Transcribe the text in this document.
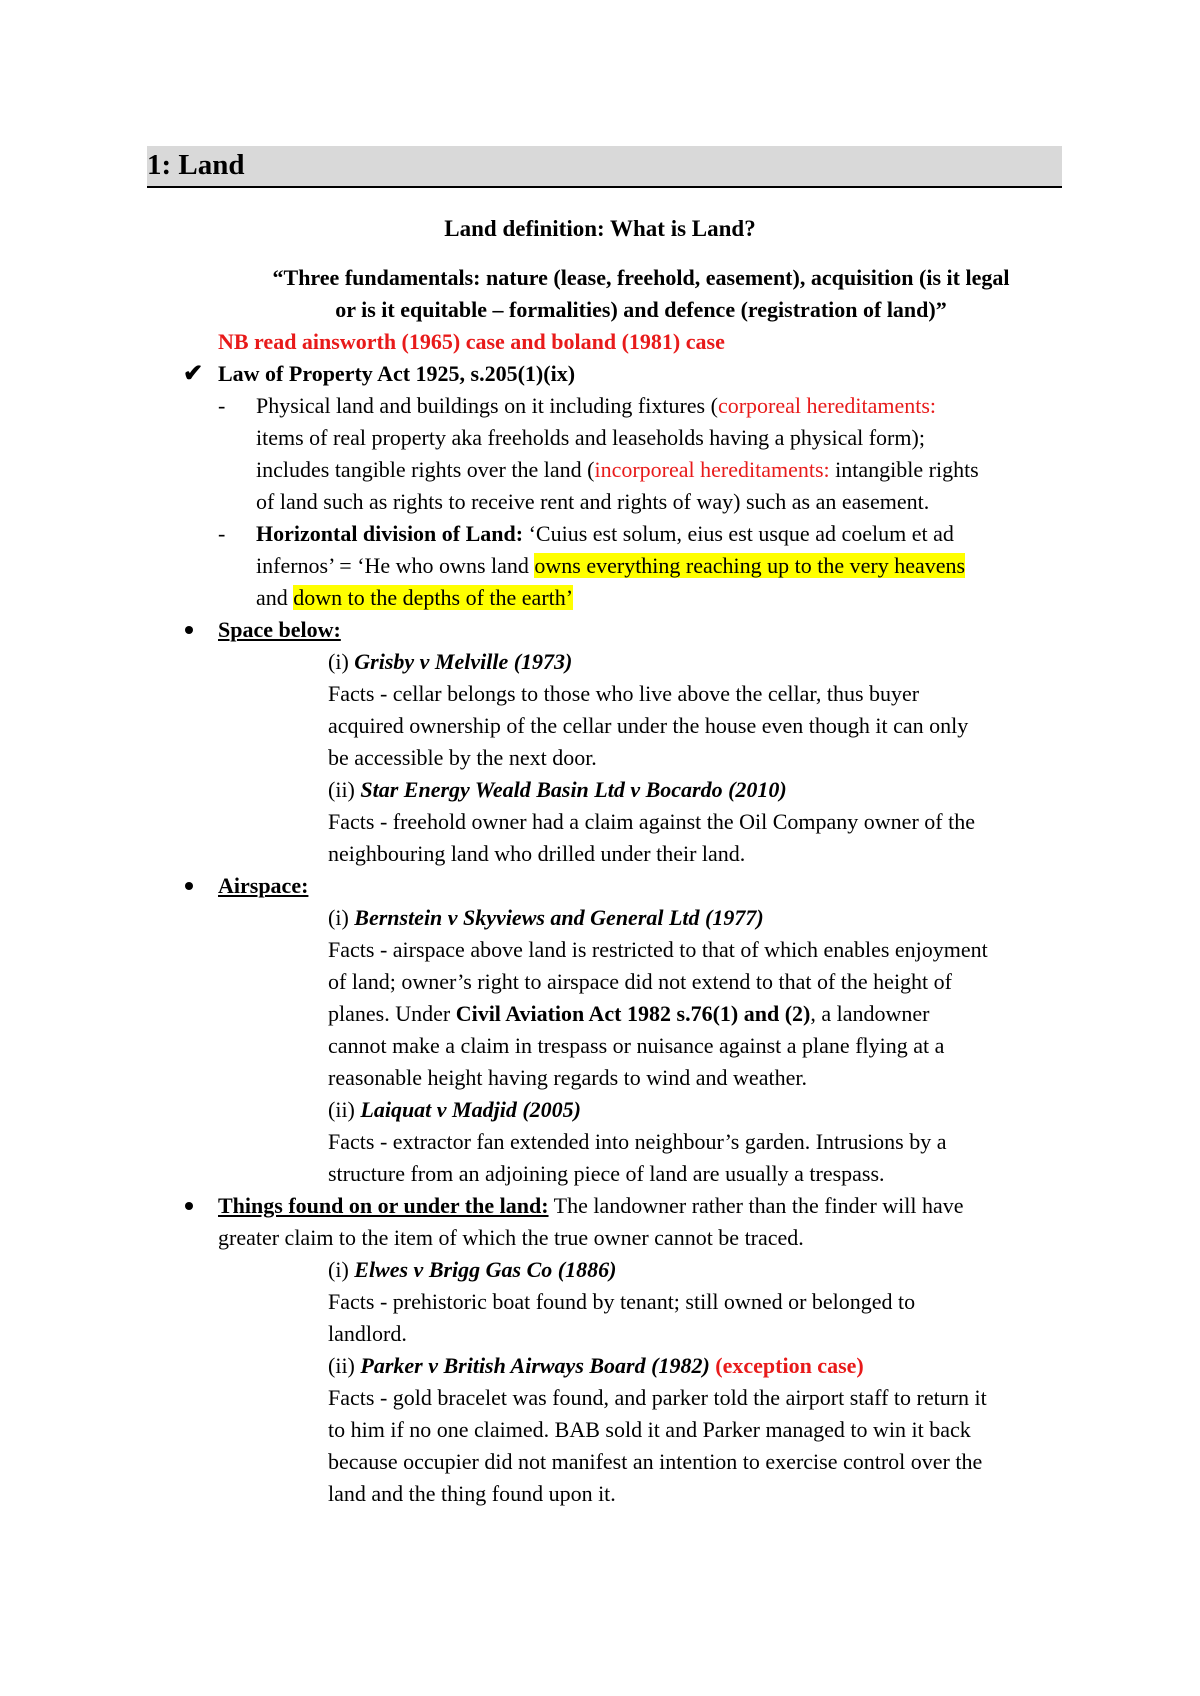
1: Land
Land definition: What is Land?
“Three fundamentals: nature (lease, freehold, easement), acquisition (is it legal
or is it equitable – formalities) and defence (registration of land)”
NB read ainsworth (1965) case and boland (1981) case
✔ Law of Property Act 1925, s.205(1)(ix)
- Physical land and buildings on it including fixtures (corporeal hereditaments:
items of real property aka freeholds and leaseholds having a physical form);
includes tangible rights over the land (incorporeal hereditaments: intangible rights
of land such as rights to receive rent and rights of way) such as an easement.
- Horizontal division of Land: ‘Cuius est solum, eius est usque ad coelum et ad
infernos’ = ‘He who owns land owns everything reaching up to the very heavens
and down to the depths of the earth’
Space below:
(i) Grisby v Melville (1973)
Facts - cellar belongs to those who live above the cellar, thus buyer
acquired ownership of the cellar under the house even though it can only
be accessible by the next door.
(ii) Star Energy Weald Basin Ltd v Bocardo (2010)
Facts - freehold owner had a claim against the Oil Company owner of the
neighbouring land who drilled under their land.
Airspace:
(i) Bernstein v Skyviews and General Ltd (1977)
Facts - airspace above land is restricted to that of which enables enjoyment
of land; owner’s right to airspace did not extend to that of the height of
planes. Under Civil Aviation Act 1982 s.76(1) and (2), a landowner
cannot make a claim in trespass or nuisance against a plane flying at a
reasonable height having regards to wind and weather.
(ii) Laiquat v Madjid (2005)
Facts - extractor fan extended into neighbour’s garden. Intrusions by a
structure from an adjoining piece of land are usually a trespass.
Things found on or under the land: The landowner rather than the finder will have
greater claim to the item of which the true owner cannot be traced.
(i) Elwes v Brigg Gas Co (1886)
Facts - prehistoric boat found by tenant; still owned or belonged to
landlord.
(ii) Parker v British Airways Board (1982) (exception case)
Facts - gold bracelet was found, and parker told the airport staff to return it
to him if no one claimed. BAB sold it and Parker managed to win it back
because occupier did not manifest an intention to exercise control over the
land and the thing found upon it.
